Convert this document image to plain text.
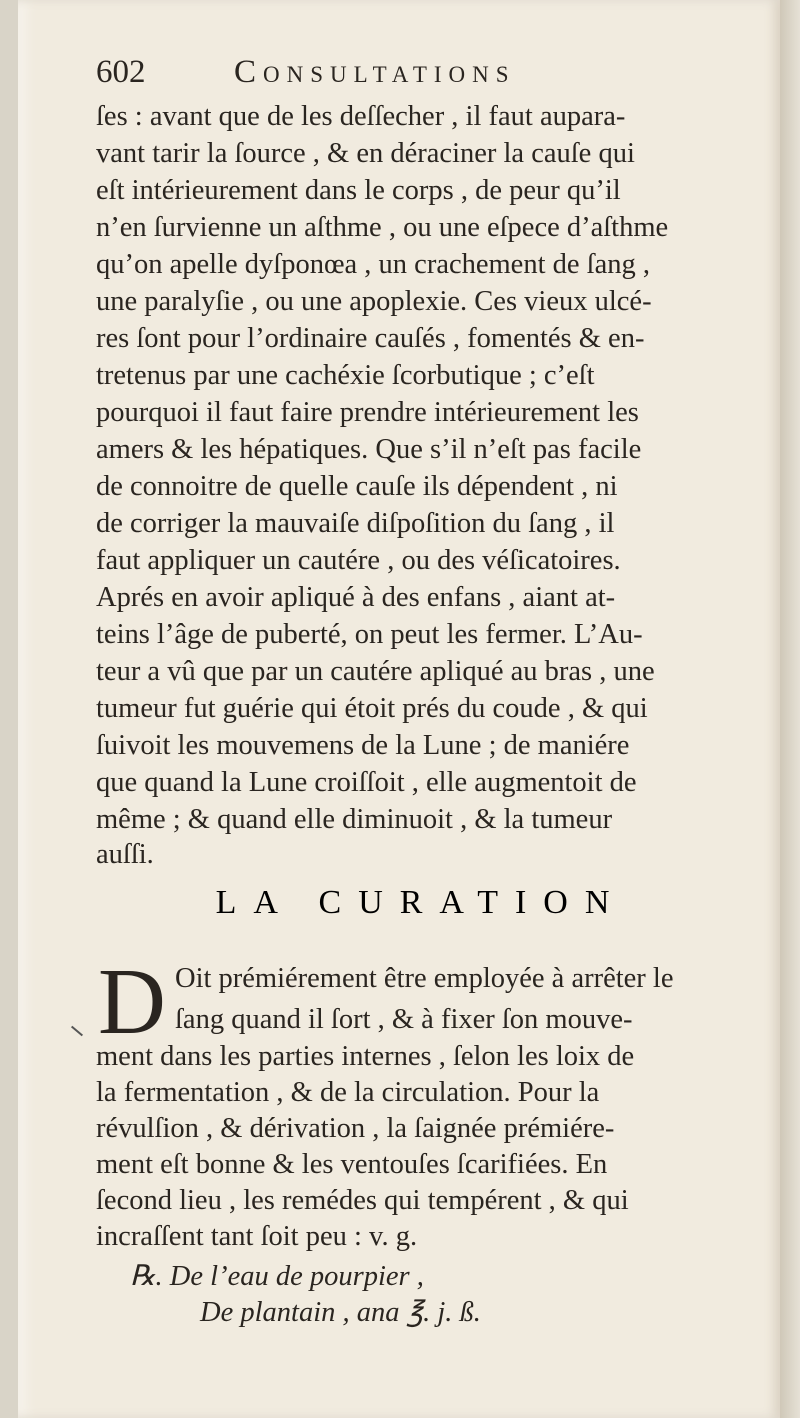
602	Consultations
ſes : avant que de les deſſecher , il faut aupara-
vant tarir la ſource , & en déraciner la cauſe qui
eſt intérieurement dans le corps , de peur qu’il
n’en ſurvienne un aſthme , ou une eſpece d’aſthme
qu’on apelle dyſponœa , un crachement de ſang ,
une paralyſie , ou une apoplexie. Ces vieux ulcé-
res ſont pour l’ordinaire cauſés , fomentés & en-
tretenus par une cachéxie ſcorbutique ; c’eſt
pourquoi il faut faire prendre intérieurement les
amers & les hépatiques. Que s’il n’eſt pas facile
de connoitre de quelle cauſe ils dépendent , ni
de corriger la mauvaiſe diſpoſition du ſang , il
faut appliquer un cautére , ou des véſicatoires.
Aprés en avoir apliqué à des enfans , aiant at-
teins l’âge de puberté, on peut les fermer. L’Au-
teur a vû que par un cautére apliqué au bras , une
tumeur fut guérie qui étoit prés du coude , & qui
ſuivoit les mouvemens de la Lune ; de maniére
que quand la Lune croiſſoit , elle augmentoit de
même ; & quand elle diminuoit , & la tumeur
auſſi.
LA CURATION
D Oit prémiérement être employée à arrêter le
ſang quand il ſort , & à fixer ſon mouve-
ment dans les parties internes , ſelon les loix de
la fermentation , & de la circulation. Pour la
révulſion , & dérivation , la ſaignée prémiére-
ment eſt bonne & les ventouſes ſcarifiées. En
ſecond lieu , les remédes qui tempérent , & qui
incraſſent tant ſoit peu : v. g.
℞. De l’eau de pourpier ,
De plantain , ana ℥. j. ß.
